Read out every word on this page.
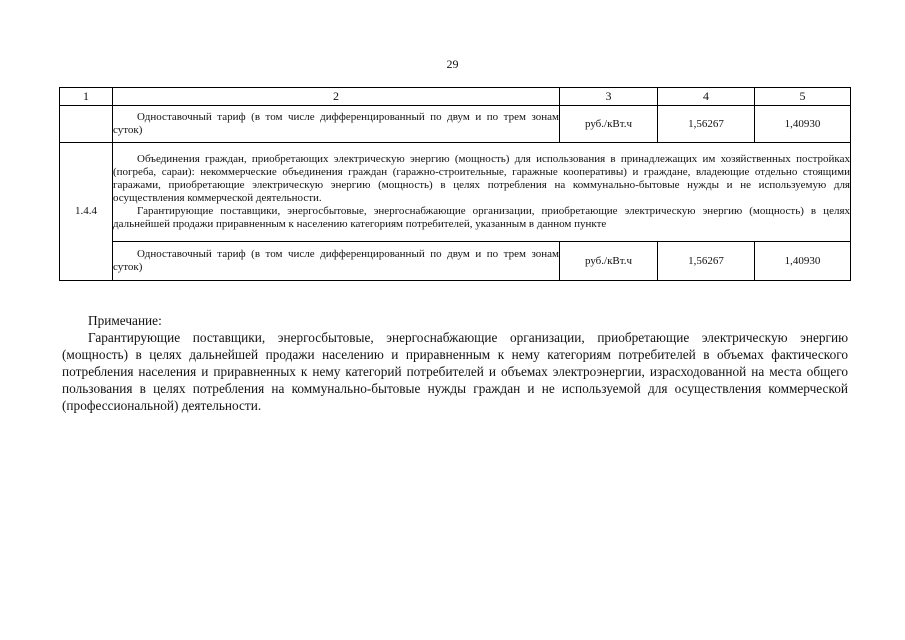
29
1	2	3	4	5

	Одноставочный тариф (в том числе дифференцированный по двум и по трем зонам суток)	руб./кВт.ч	1,56267	1,40930
1.4.4	Объединения граждан, приобретающих электрическую энергию (мощность) для использования в принадлежащих им хозяйственных постройках (погреба, сараи): некоммерческие объединения граждан (гаражно-строительные, гаражные кооперативы) и граждане, владеющие отдельно стоящими гаражами, приобретающие электрическую энергию (мощность) в целях потребления на коммунально-бытовые нужды и не используемую для осуществления коммерческой деятельности.
Гарантирующие поставщики, энергосбытовые, энергоснабжающие организации, приобретающие электрическую энергию (мощность) в целях дальнейшей продажи приравненным к населению категориям потребителей, указанным в данном пункте			

	Одноставочный тариф (в том числе дифференцированный по двум и по трем зонам суток)	руб./кВт.ч	1,56267	1,40930
Примечание:
Гарантирующие поставщики, энергосбытовые, энергоснабжающие организации, приобретающие электрическую энергию (мощность) в целях дальнейшей продажи населению и приравненным к нему категориям потребителей в объемах фактического потребления населения и приравненных к нему категорий потребителей и объемах электроэнергии, израсходованной на места общего пользования в целях потребления на коммунально-бытовые нужды граждан и не используемой для осуществления коммерческой (профессиональной) деятельности.
